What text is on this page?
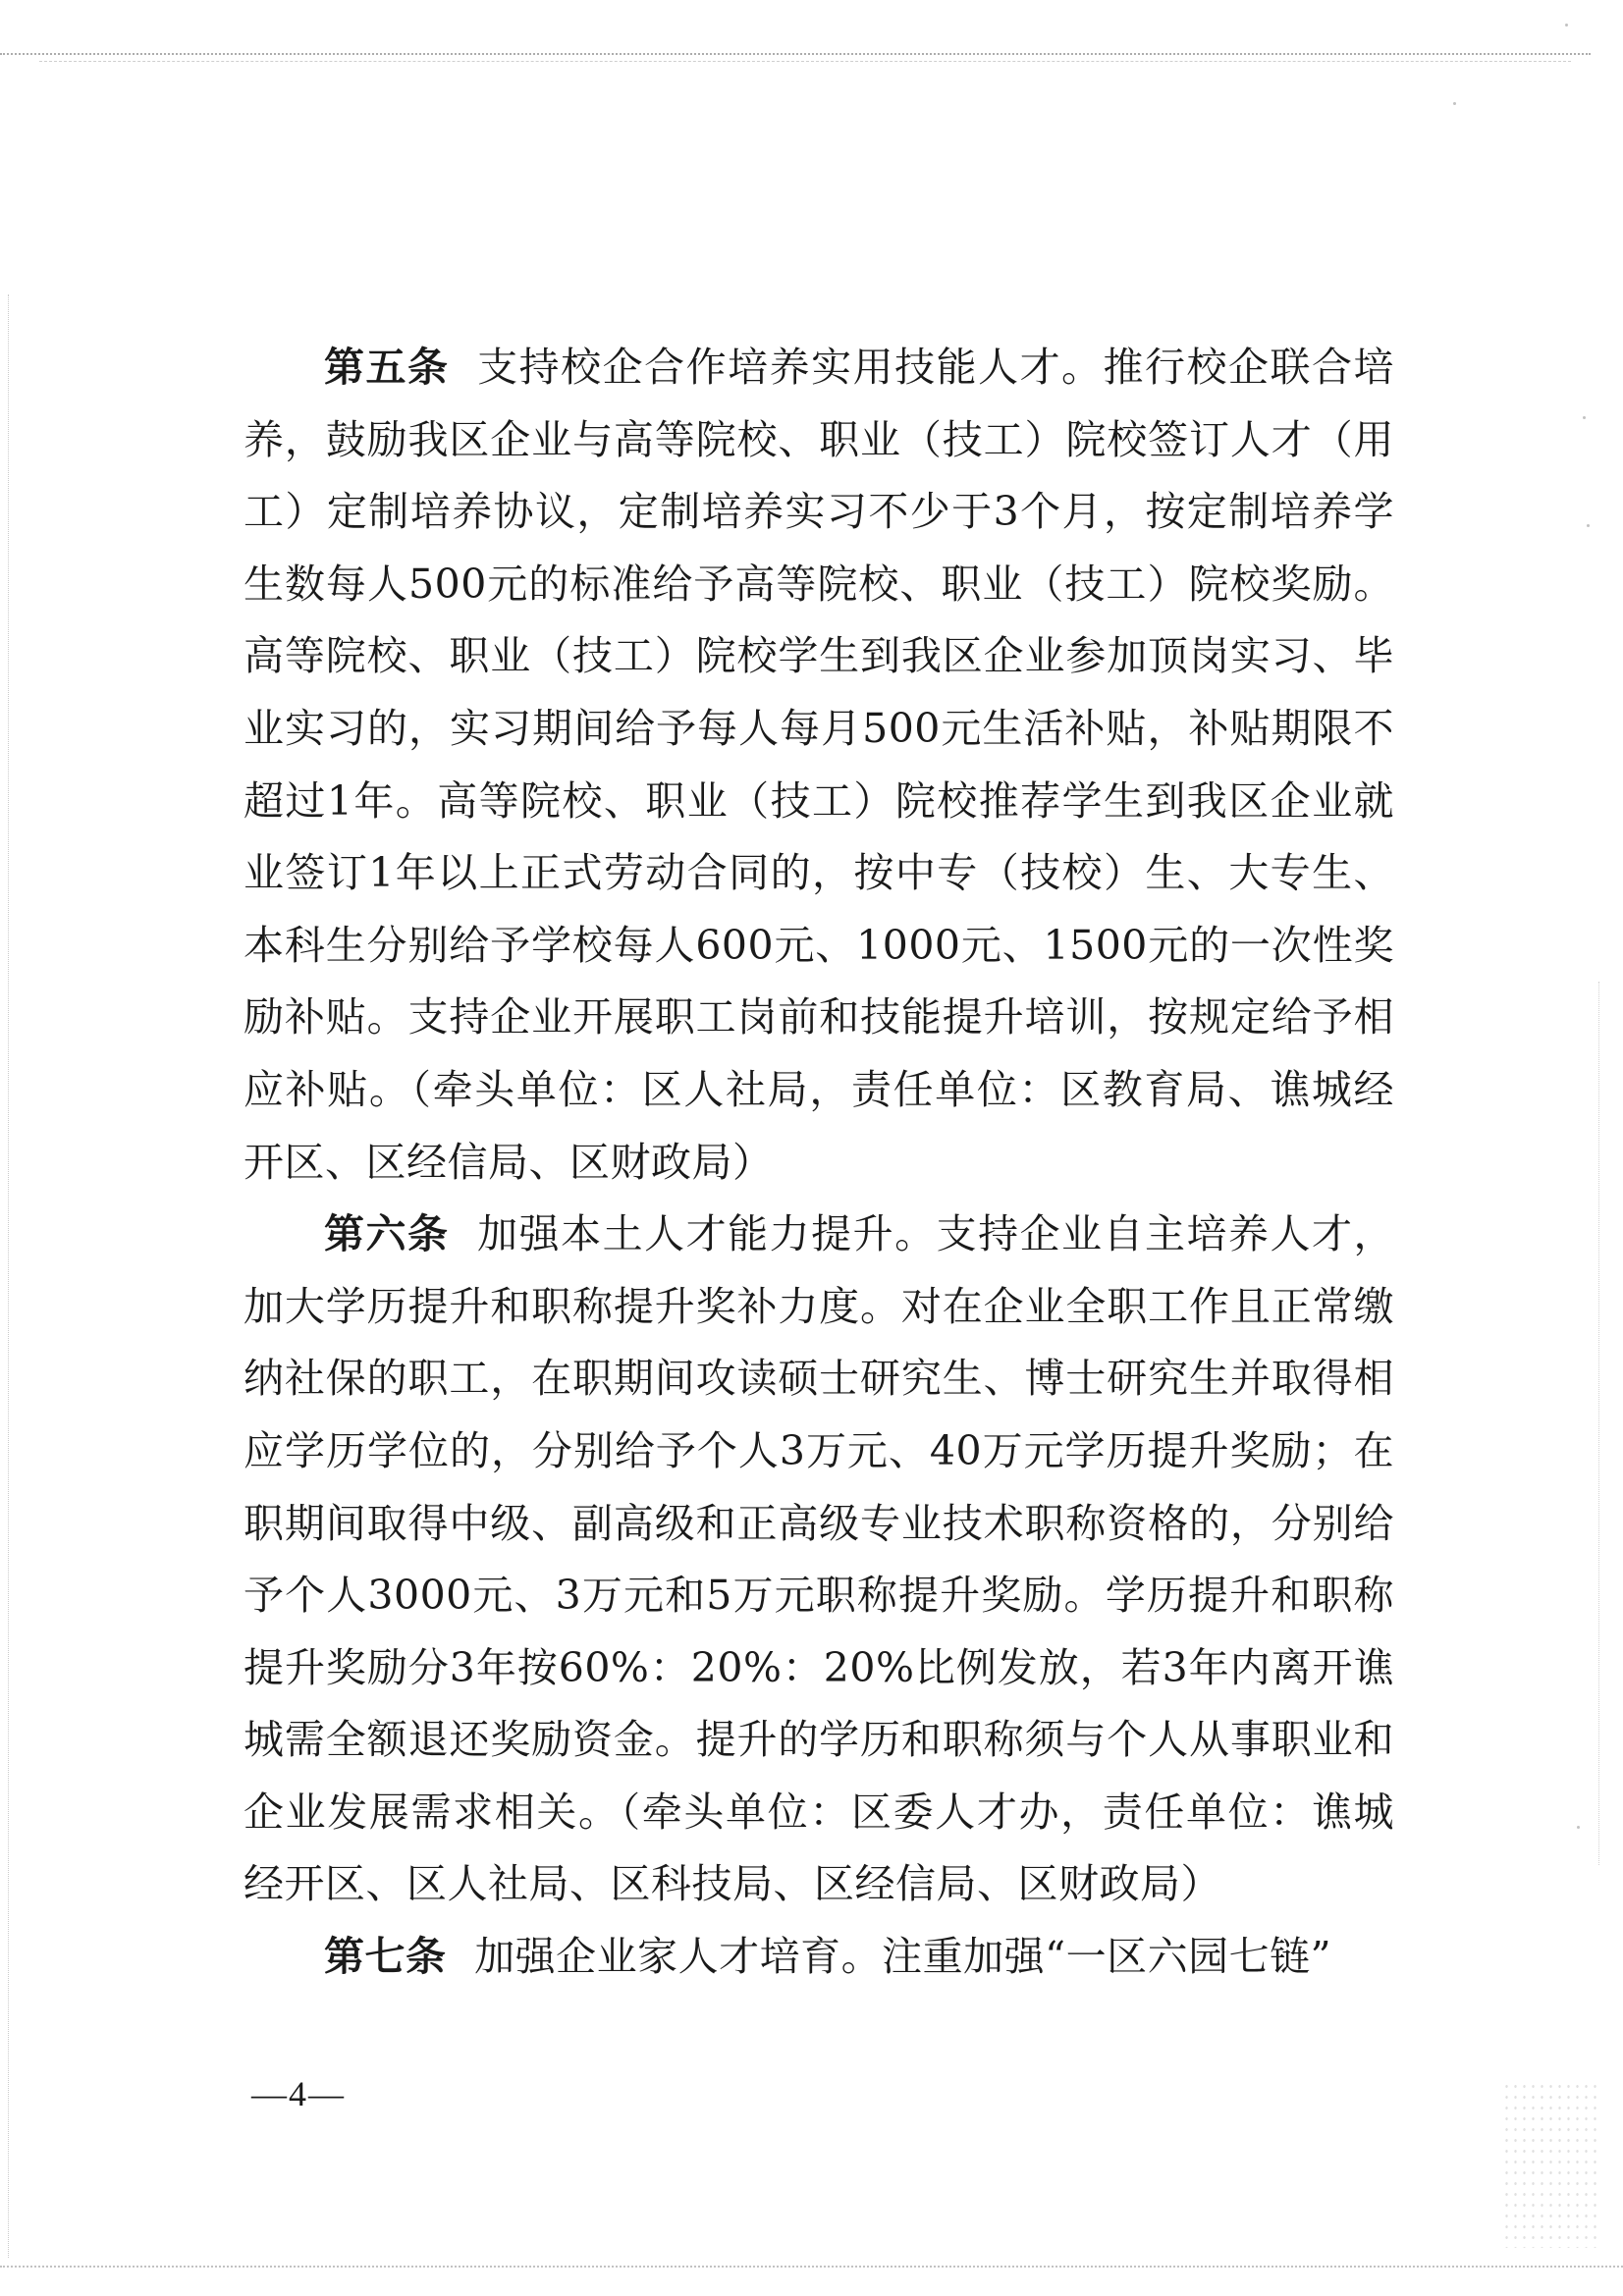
第五条 支持校企合作培养实用技能人才。推行校企联合培养，鼓励我区企业与高等院校、职业（技工）院校签订人才（用工）定制培养协议，定制培养实习不少于3个月，按定制培养学生数每人500元的标准给予高等院校、职业（技工）院校奖励。高等院校、职业（技工）院校学生到我区企业参加顶岗实习、毕业实习的，实习期间给予每人每月500元生活补贴，补贴期限不超过1年。高等院校、职业（技工）院校推荐学生到我区企业就业签订1年以上正式劳动合同的，按中专（技校）生、大专生、本科生分别给予学校每人600元、1000元、1500元的一次性奖励补贴。支持企业开展职工岗前和技能提升培训，按规定给予相应补贴。（牵头单位：区人社局，责任单位：区教育局、谯城经开区、区经信局、区财政局）

第六条 加强本土人才能力提升。支持企业自主培养人才，加大学历提升和职称提升奖补力度。对在企业全职工作且正常缴纳社保的职工，在职期间攻读硕士研究生、博士研究生并取得相应学历学位的，分别给予个人3万元、40万元学历提升奖励；在职期间取得中级、副高级和正高级专业技术职称资格的，分别给予个人3000元、3万元和5万元职称提升奖励。学历提升和职称提升奖励分3年按60%：20%：20%比例发放，若3年内离开谯城需全额退还奖励资金。提升的学历和职称须与个人从事职业和企业发展需求相关。（牵头单位：区委人才办，责任单位：谯城经开区、区人社局、区科技局、区经信局、区财政局）

第七条 加强企业家人才培育。注重加强“一区六园七链”

—4—
